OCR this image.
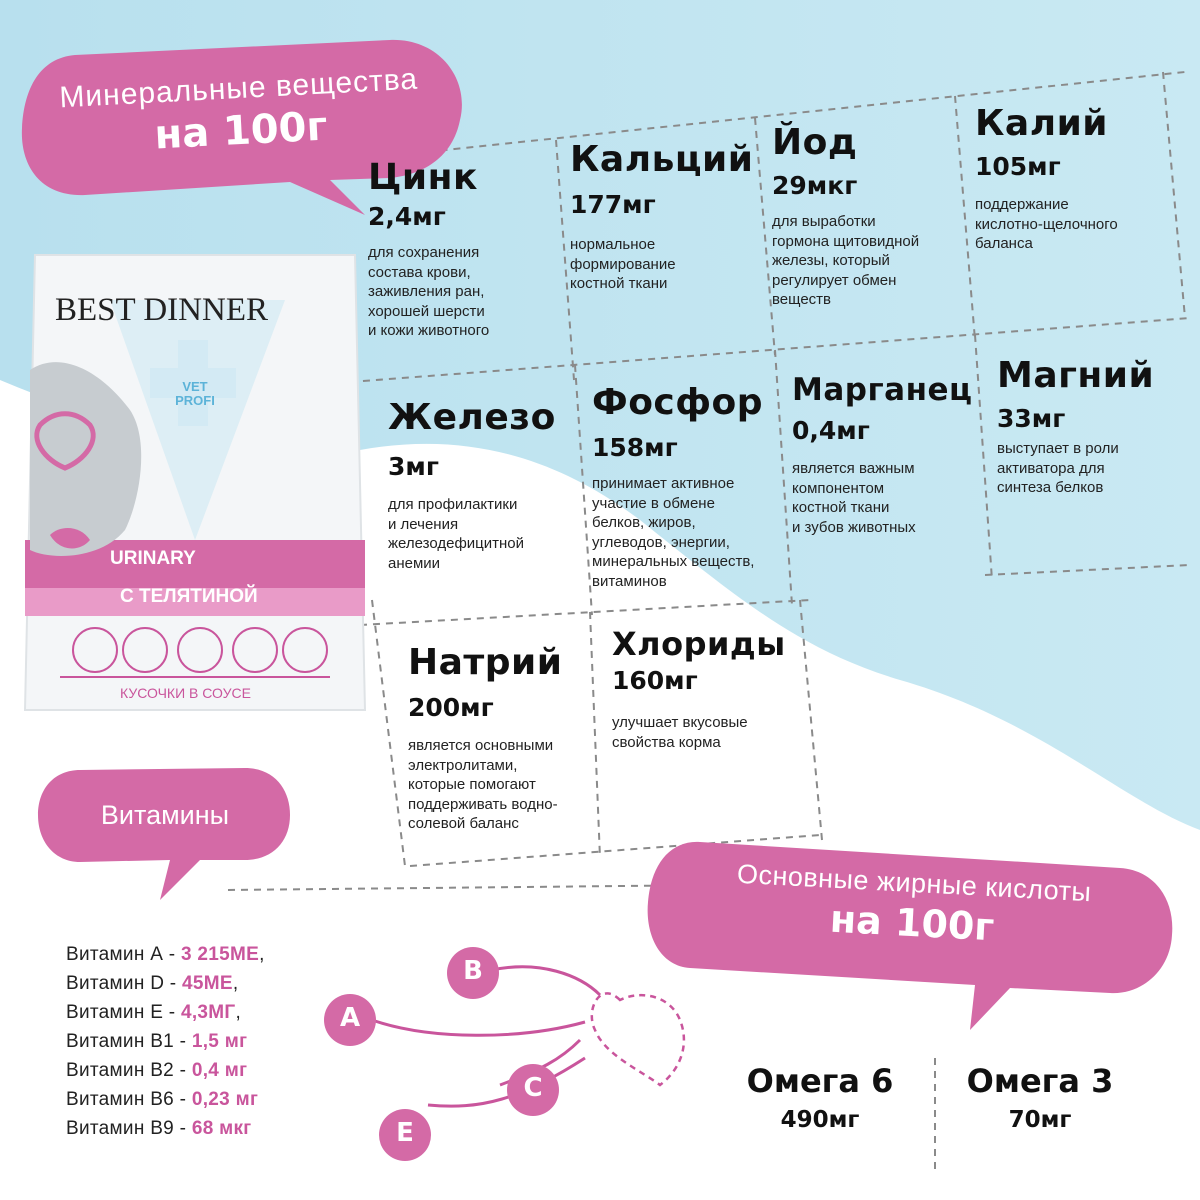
Минеральные вещества
на 100г
BEST DINNER
VET
PROFI
URINARY
С ТЕЛЯТИНОЙ
КУСОЧКИ В СОУСЕ
Цинк
2,4мг
для сохранения
состава крови,
заживления ран,
хорошей шерсти
и кожи животного
Кальций
177мг
нормальное
формирование
костной ткани
Йод
29мкг
для выработки
гормона щитовидной
железы, который
регулирует обмен
веществ
Калий
105мг
поддержание
кислотно-щелочного
баланса
Железо
3мг
для профилактики
и лечения
железодефицитной
анемии
Фосфор
158мг
принимает активное
участие в обмене
белков, жиров,
углеводов, энергии,
минеральных веществ,
витаминов
Марганец
0,4мг
является важным
компонентом
костной ткани
и зубов животных
Магний
33мг
выступает в роли
активатора для
синтеза белков
Натрий
200мг
является основными
электролитами,
которые помогают
поддерживать водно-
солевой баланс
Хлориды
160мг
улучшает вкусовые
свойства корма
Витамины
Витамин А - 3 215МЕ,
Витамин D - 45МЕ,
Витамин Е - 4,3МГ,
Витамин В1 - 1,5 мг
Витамин В2 - 0,4 мг
Витамин В6 - 0,23 мг
Витамин В9 - 68 мкг
A
B
C
E
Основные жирные кислоты
на 100г
Омега 6
490мг
Омега 3
70мг
